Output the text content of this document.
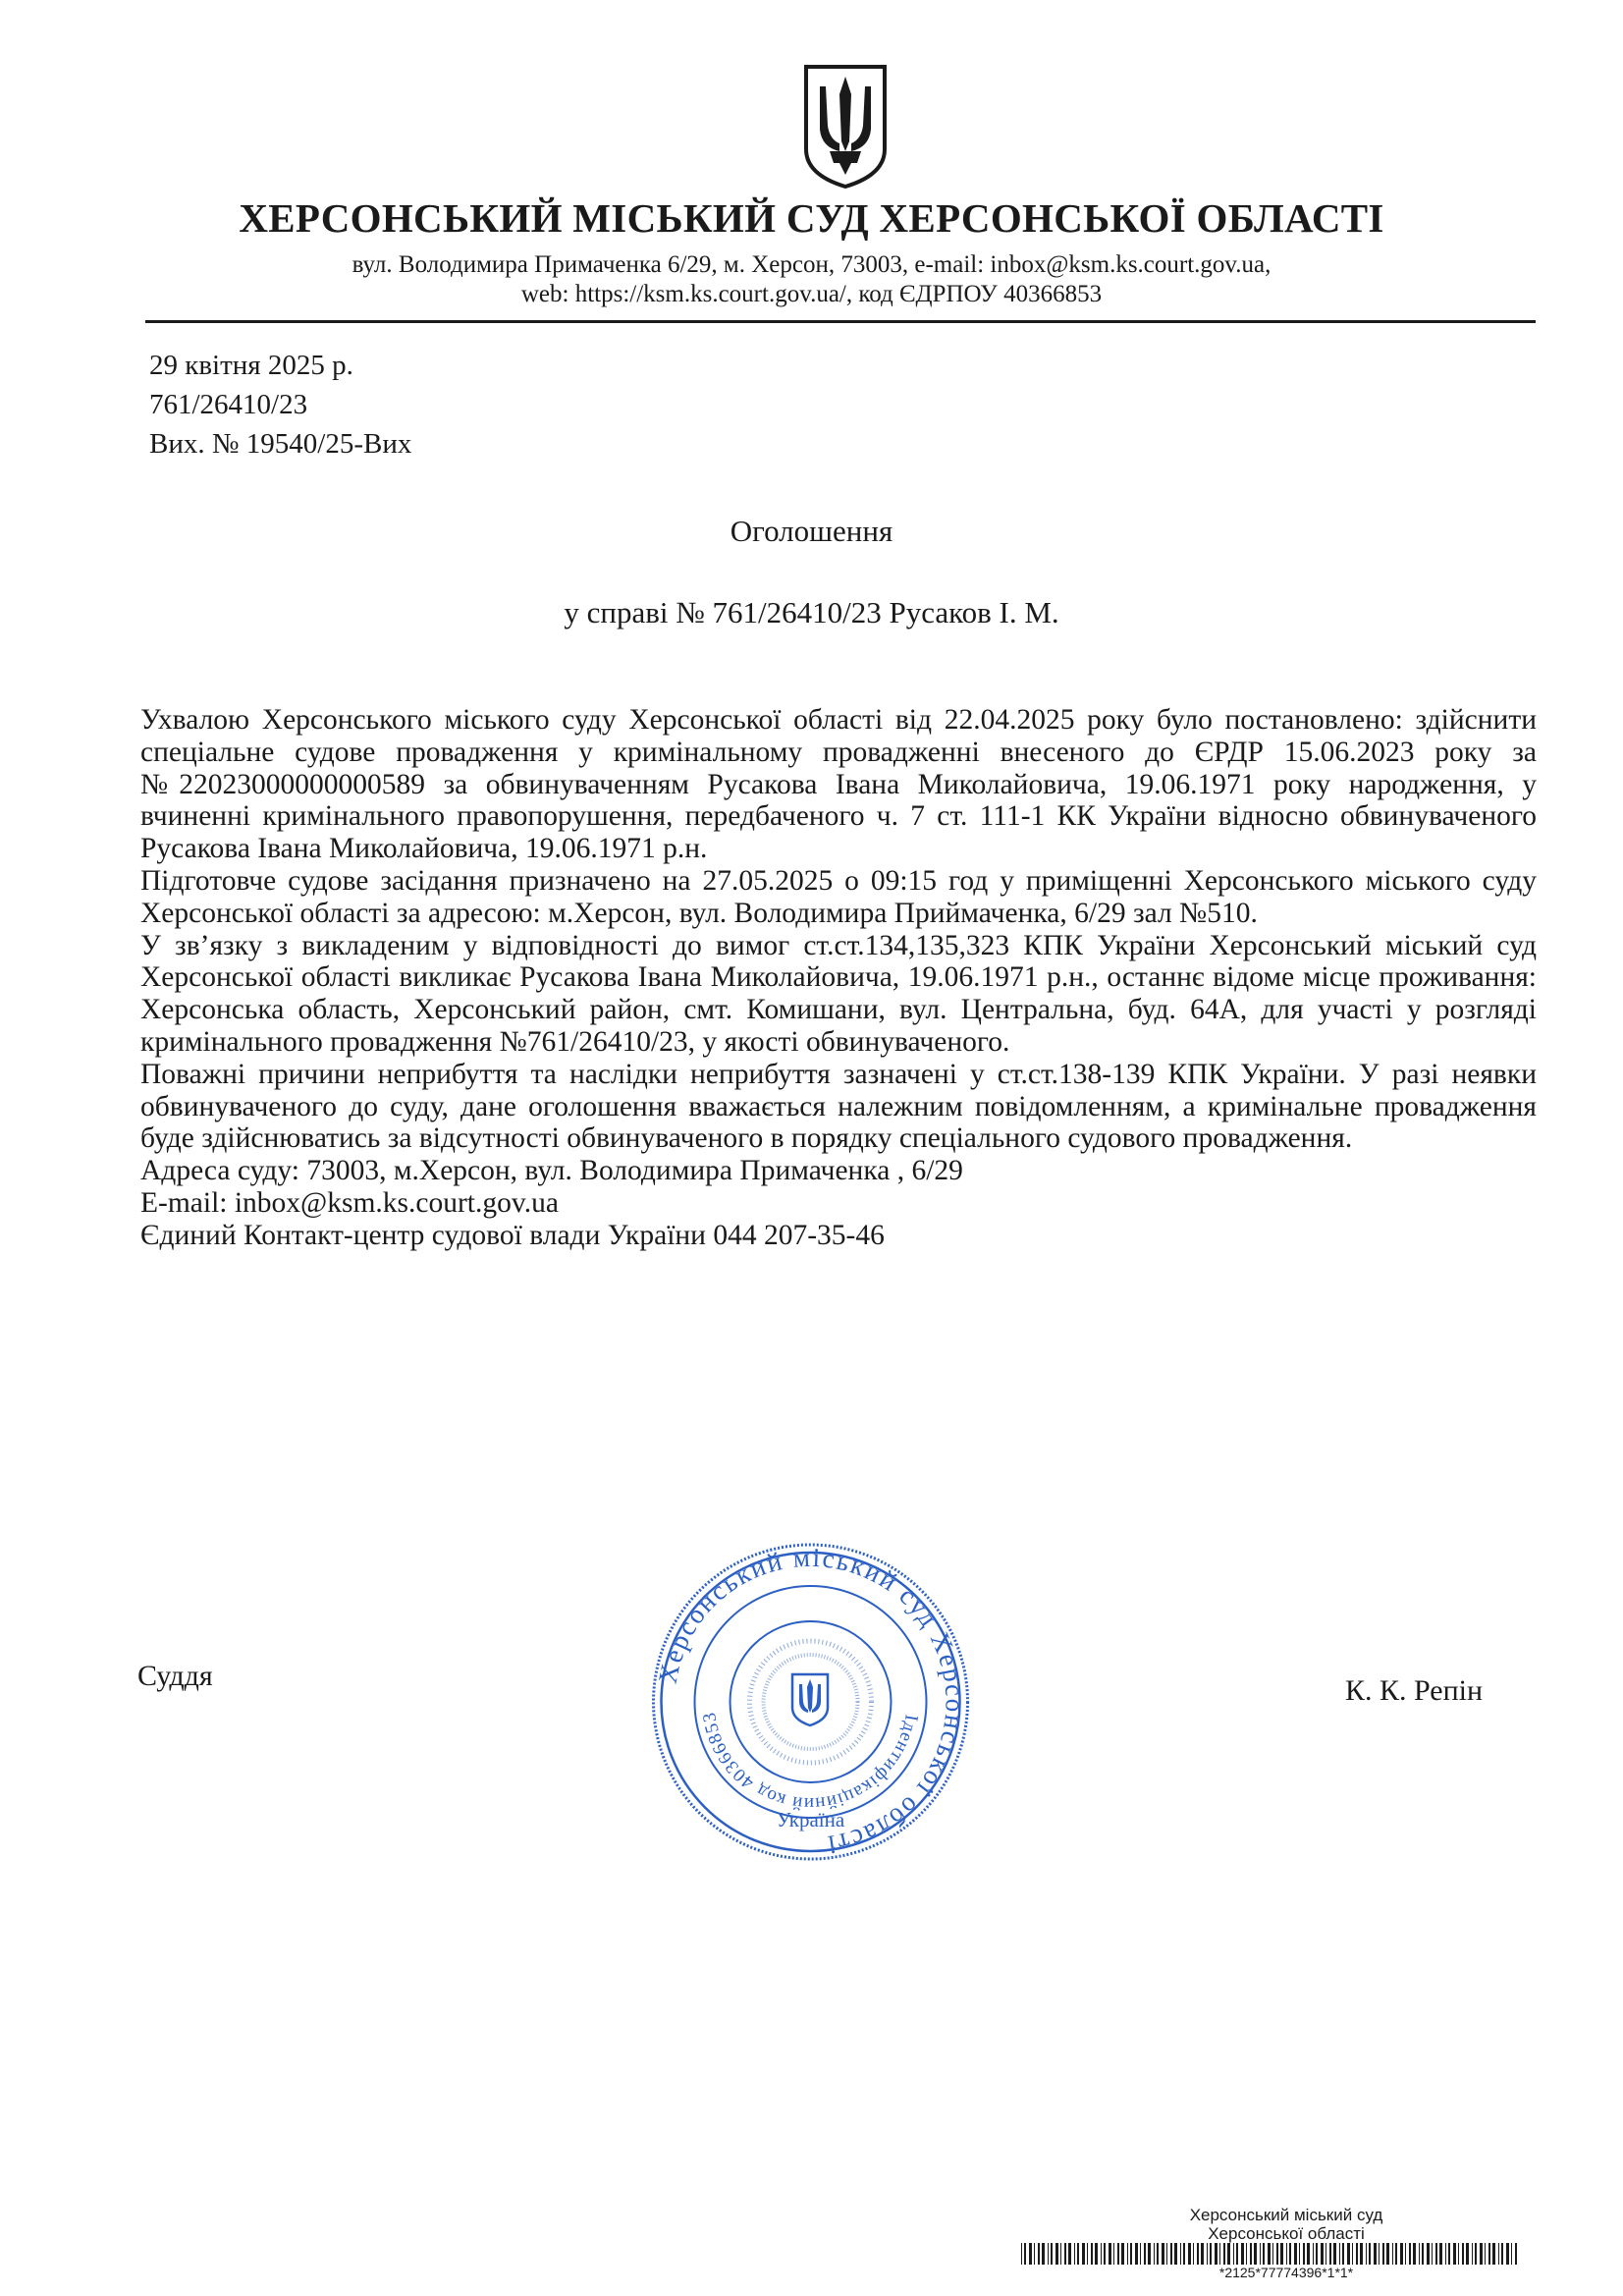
ХЕРСОНСЬКИЙ МІСЬКИЙ СУД ХЕРСОНСЬКОЇ ОБЛАСТІ
вул. Володимира Примаченка 6/29, м. Херсон, 73003, e-mail: inbox@ksm.ks.court.gov.ua,
web: https://ksm.ks.court.gov.ua/, код ЄДРПОУ 40366853
29 квітня 2025 р.
761/26410/23
Вих. № 19540/25-Вих
Оголошення
у справі № 761/26410/23 Русаков І. М.

Ухвалою Херсонського міського суду Херсонської області від 22.04.2025 року було постановлено: здійснити спеціальне судове провадження у кримінальному провадженні внесеного до ЄРДР 15.06.2023 року за №22023000000000589 за обвинуваченням Русакова Івана Миколайовича, 19.06.1971 року народження, у вчиненні кримінального правопорушення, передбаченого ч. 7 ст. 111-1 КК України відносно обвинуваченого Русакова Івана Миколайовича, 19.06.1971 р.н.

Підготовче судове засідання призначено на 27.05.2025 о 09:15 год у приміщенні Херсонського міського суду Херсонської області за адресою: м.Херсон, вул. Володимира Приймаченка, 6/29 зал №510.

У зв’язку з викладеним у відповідності до вимог ст.ст.134,135,323 КПК України Херсонський міський суд Херсонської області викликає Русакова Івана Миколайовича, 19.06.1971 р.н., останнє відоме місце проживання: Херсонська область, Херсонський район, смт. Комишани, вул. Центральна, буд. 64А, для участі у розгляді кримінального провадження №761/26410/23, у якості обвинуваченого.

Поважні причини неприбуття та наслідки неприбуття зазначені у ст.ст.138-139 КПК України. У разі неявки обвинуваченого до суду, дане оголошення вважається належним повідомленням, а кримінальне провадження буде здійснюватись за відсутності обвинуваченого в порядку спеціального судового провадження.

Адреса суду: 73003, м.Херсон, вул. Володимира Примаченка , 6/29

E-mail: inbox@ksm.ks.court.gov.ua

Єдиний Контакт-центр судової влади України 044 207-35-46

Херсонський міський суд Херсонської області
Ідентифікаційний код 40366853
Україна
Суддя	К. К. Репін
Херсонський міський суд
Херсонської області
*2125*77774396*1*1*
